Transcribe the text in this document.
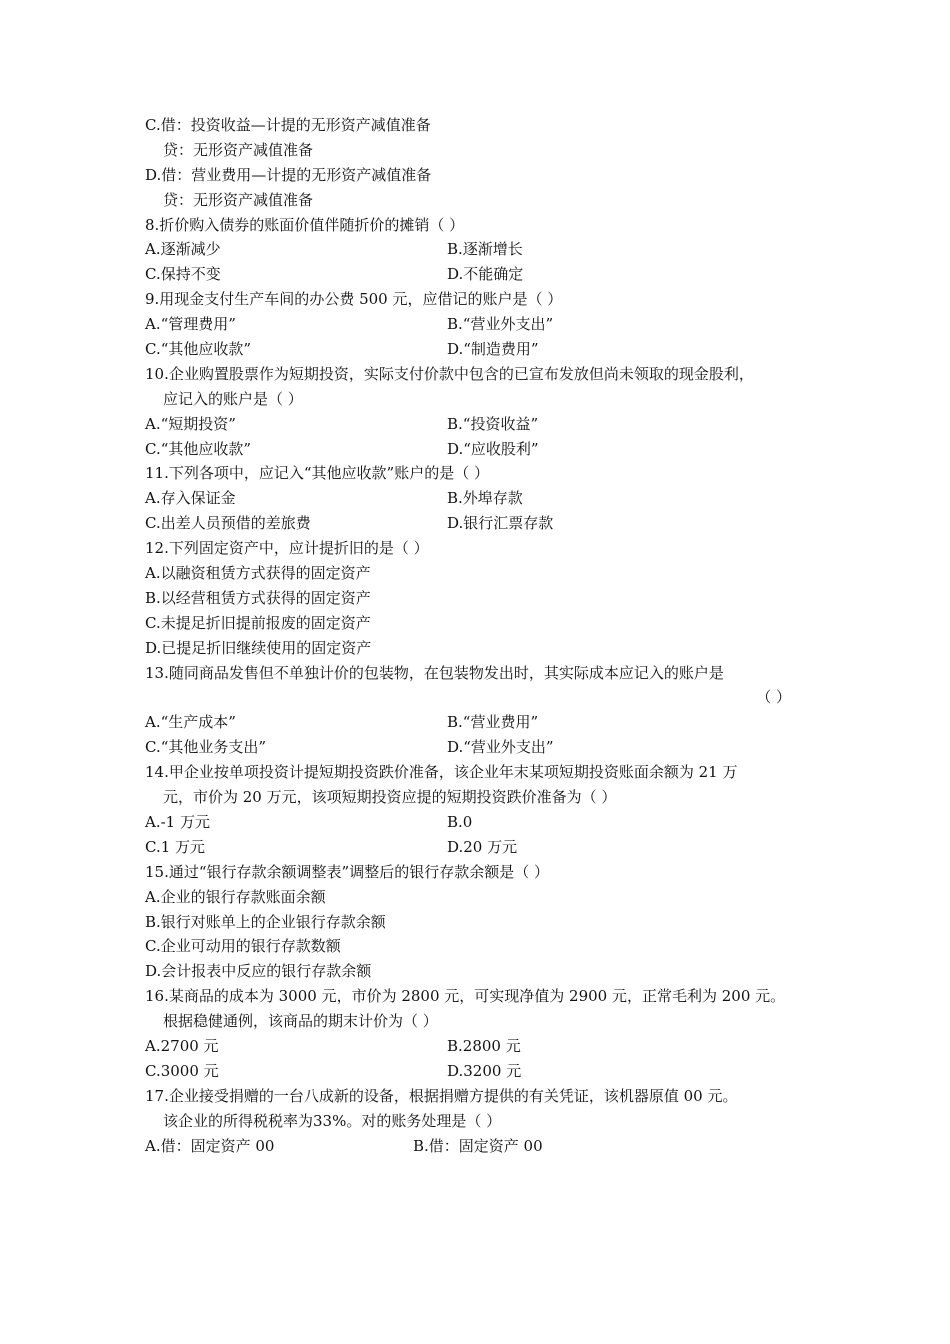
C.借：投资收益—计提的无形资产减值准备
贷：无形资产减值准备
D.借：营业费用—计提的无形资产减值准备
贷：无形资产减值准备
8.折价购入债券的账面价值伴随折价的摊销（ ）
A.逐渐减少	B.逐渐增长
C.保持不变	D.不能确定
9.用现金支付生产车间的办公费 500 元，应借记的账户是（ ）
A.“管理费用”	B.“营业外支出”
C.“其他应收款”	D.“制造费用”
10.企业购置股票作为短期投资，实际支付价款中包含的已宣布发放但尚未领取的现金股利，
应记入的账户是（ ）
A.“短期投资”	B.“投资收益”
C.“其他应收款”	D.“应收股利”
11.下列各项中，应记入“其他应收款”账户的是（ ）
A.存入保证金	B.外埠存款
C.出差人员预借的差旅费	D.银行汇票存款
12.下列固定资产中，应计提折旧的是（ ）
A.以融资租赁方式获得的固定资产
B.以经营租赁方式获得的固定资产
C.未提足折旧提前报废的固定资产
D.已提足折旧继续使用的固定资产
13.随同商品发售但不单独计价的包装物，在包装物发出时，其实际成本应记入的账户是
（ ）
A.“生产成本”	B.“营业费用”
C.“其他业务支出”	D.“营业外支出”
14.甲企业按单项投资计提短期投资跌价准备，该企业年末某项短期投资账面余额为 21 万
元，市价为 20 万元，该项短期投资应提的短期投资跌价准备为（ ）
A.-1 万元	B.0
C.1 万元	D.20 万元
15.通过“银行存款余额调整表”调整后的银行存款余额是（ ）
A.企业的银行存款账面余额
B.银行对账单上的企业银行存款余额
C.企业可动用的银行存款数额
D.会计报表中反应的银行存款余额
16.某商品的成本为 3000 元，市价为 2800 元，可实现净值为 2900 元，正常毛利为 200 元。
根据稳健通例，该商品的期末计价为（ ）
A.2700 元	B.2800 元
C.3000 元	D.3200 元
17.企业接受捐赠的一台八成新的设备，根据捐赠方提供的有关凭证，该机器原值 00 元。
该企业的所得税税率为33%。对的账务处理是（ ）
A.借：固定资产 00	B.借：固定资产 00
